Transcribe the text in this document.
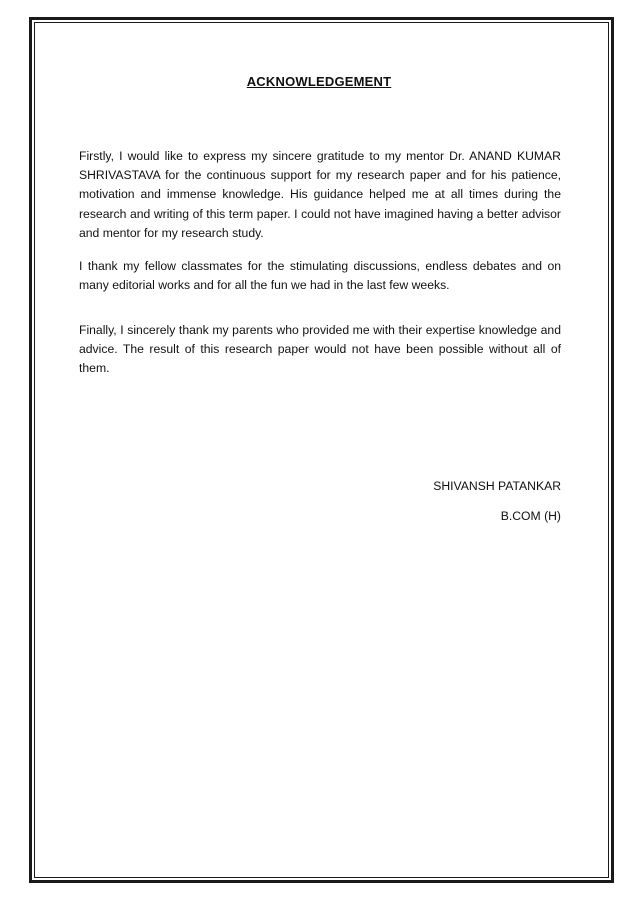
ACKNOWLEDGEMENT

Firstly, I would like to express my sincere gratitude to my mentor Dr. ANAND KUMAR SHRIVASTAVA for the continuous support for my research paper and for his patience, motivation and immense knowledge. His guidance helped me at all times during the research and writing of this term paper. I could not have imagined having a better advisor and mentor for my research study.

I thank my fellow classmates for the stimulating discussions, endless debates and on many editorial works and for all the fun we had in the last few weeks.

Finally, I sincerely thank my parents who provided me with their expertise knowledge and advice. The result of this research paper would not have been possible without all of them.

SHIVANSH PATANKAR
B.COM (H)
